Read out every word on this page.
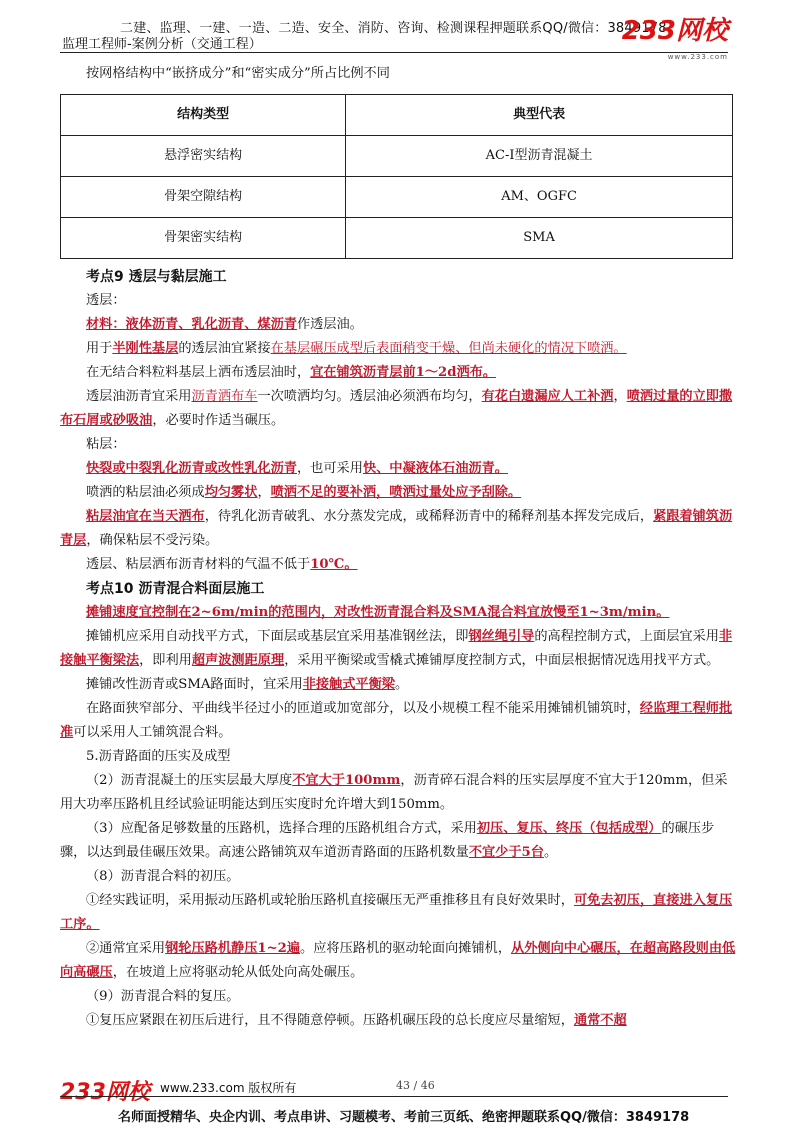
二建、监理、一建、一造、二造、安全、消防、咨询、检测课程押题联系QQ/微信：3849178
监理工程师-案例分析（交通工程）	233网校
www.233.com

按网格结构中“嵌挤成分”和“密实成分”所占比例不同

结构类型	典型代表
悬浮密实结构	AC-Ⅰ型沥青混凝土
骨架空隙结构	AM、OGFC
骨架密实结构	SMA

考点9 透层与黏层施工

透层：

材料：液体沥青、乳化沥青、煤沥青作透层油。

用于半刚性基层的透层油宜紧接在基层碾压成型后表面稍变干燥、但尚未硬化的情况下喷洒。

在无结合料粒料基层上洒布透层油时，宜在铺筑沥青层前1～2d洒布。

透层油沥青宜采用沥青洒布车一次喷洒均匀。透层油必须洒布均匀，有花白遗漏应人工补洒，喷洒过量的立即撒布石屑或砂吸油，必要时作适当碾压。

粘层：

快裂或中裂乳化沥青或改性乳化沥青，也可采用快、中凝液体石油沥青。

喷洒的粘层油必须成均匀雾状，喷洒不足的要补洒，喷洒过量处应予刮除。

粘层油宜在当天洒布，待乳化沥青破乳、水分蒸发完成，或稀释沥青中的稀释剂基本挥发完成后，紧跟着铺筑沥青层，确保粘层不受污染。

透层、粘层洒布沥青材料的气温不低于10℃。

考点10 沥青混合料面层施工

摊铺速度宜控制在2~6m/min的范围内，对改性沥青混合料及SMA混合料宜放慢至1~3m/min。

摊铺机应采用自动找平方式，下面层或基层宜采用基准钢丝法，即钢丝绳引导的高程控制方式，上面层宜采用非接触平衡梁法，即利用超声波测距原理，采用平衡梁或雪橇式摊铺厚度控制方式，中面层根据情况选用找平方式。

摊铺改性沥青或SMA路面时，宜采用非接触式平衡梁。

在路面狭窄部分、平曲线半径过小的匝道或加宽部分，以及小规模工程不能采用摊铺机铺筑时，经监理工程师批准可以采用人工铺筑混合料。

5.沥青路面的压实及成型

（2）沥青混凝土的压实层最大厚度不宜大于100mm，沥青碎石混合料的压实层厚度不宜大于120mm，但采用大功率压路机且经试验证明能达到压实度时允许增大到150mm。

（3）应配备足够数量的压路机，选择合理的压路机组合方式，采用初压、复压、终压（包括成型）的碾压步骤，以达到最佳碾压效果。高速公路铺筑双车道沥青路面的压路机数量不宜少于5台。

（8）沥青混合料的初压。

①经实践证明，采用振动压路机或轮胎压路机直接碾压无严重推移且有良好效果时，可免去初压，直接进入复压工序。

②通常宜采用钢轮压路机静压1~2遍。应将压路机的驱动轮面向摊铺机，从外侧向中心碾压，在超高路段则由低向高碾压，在坡道上应将驱动轮从低处向高处碾压。

（9）沥青混合料的复压。

①复压应紧跟在初压后进行，且不得随意停顿。压路机碾压段的总长度应尽量缩短，通常不超

233网校 www.233.com 版权所有	43 / 46
名师面授精华、央企内训、考点串讲、习题模考、考前三页纸、绝密押题联系QQ/微信：3849178
